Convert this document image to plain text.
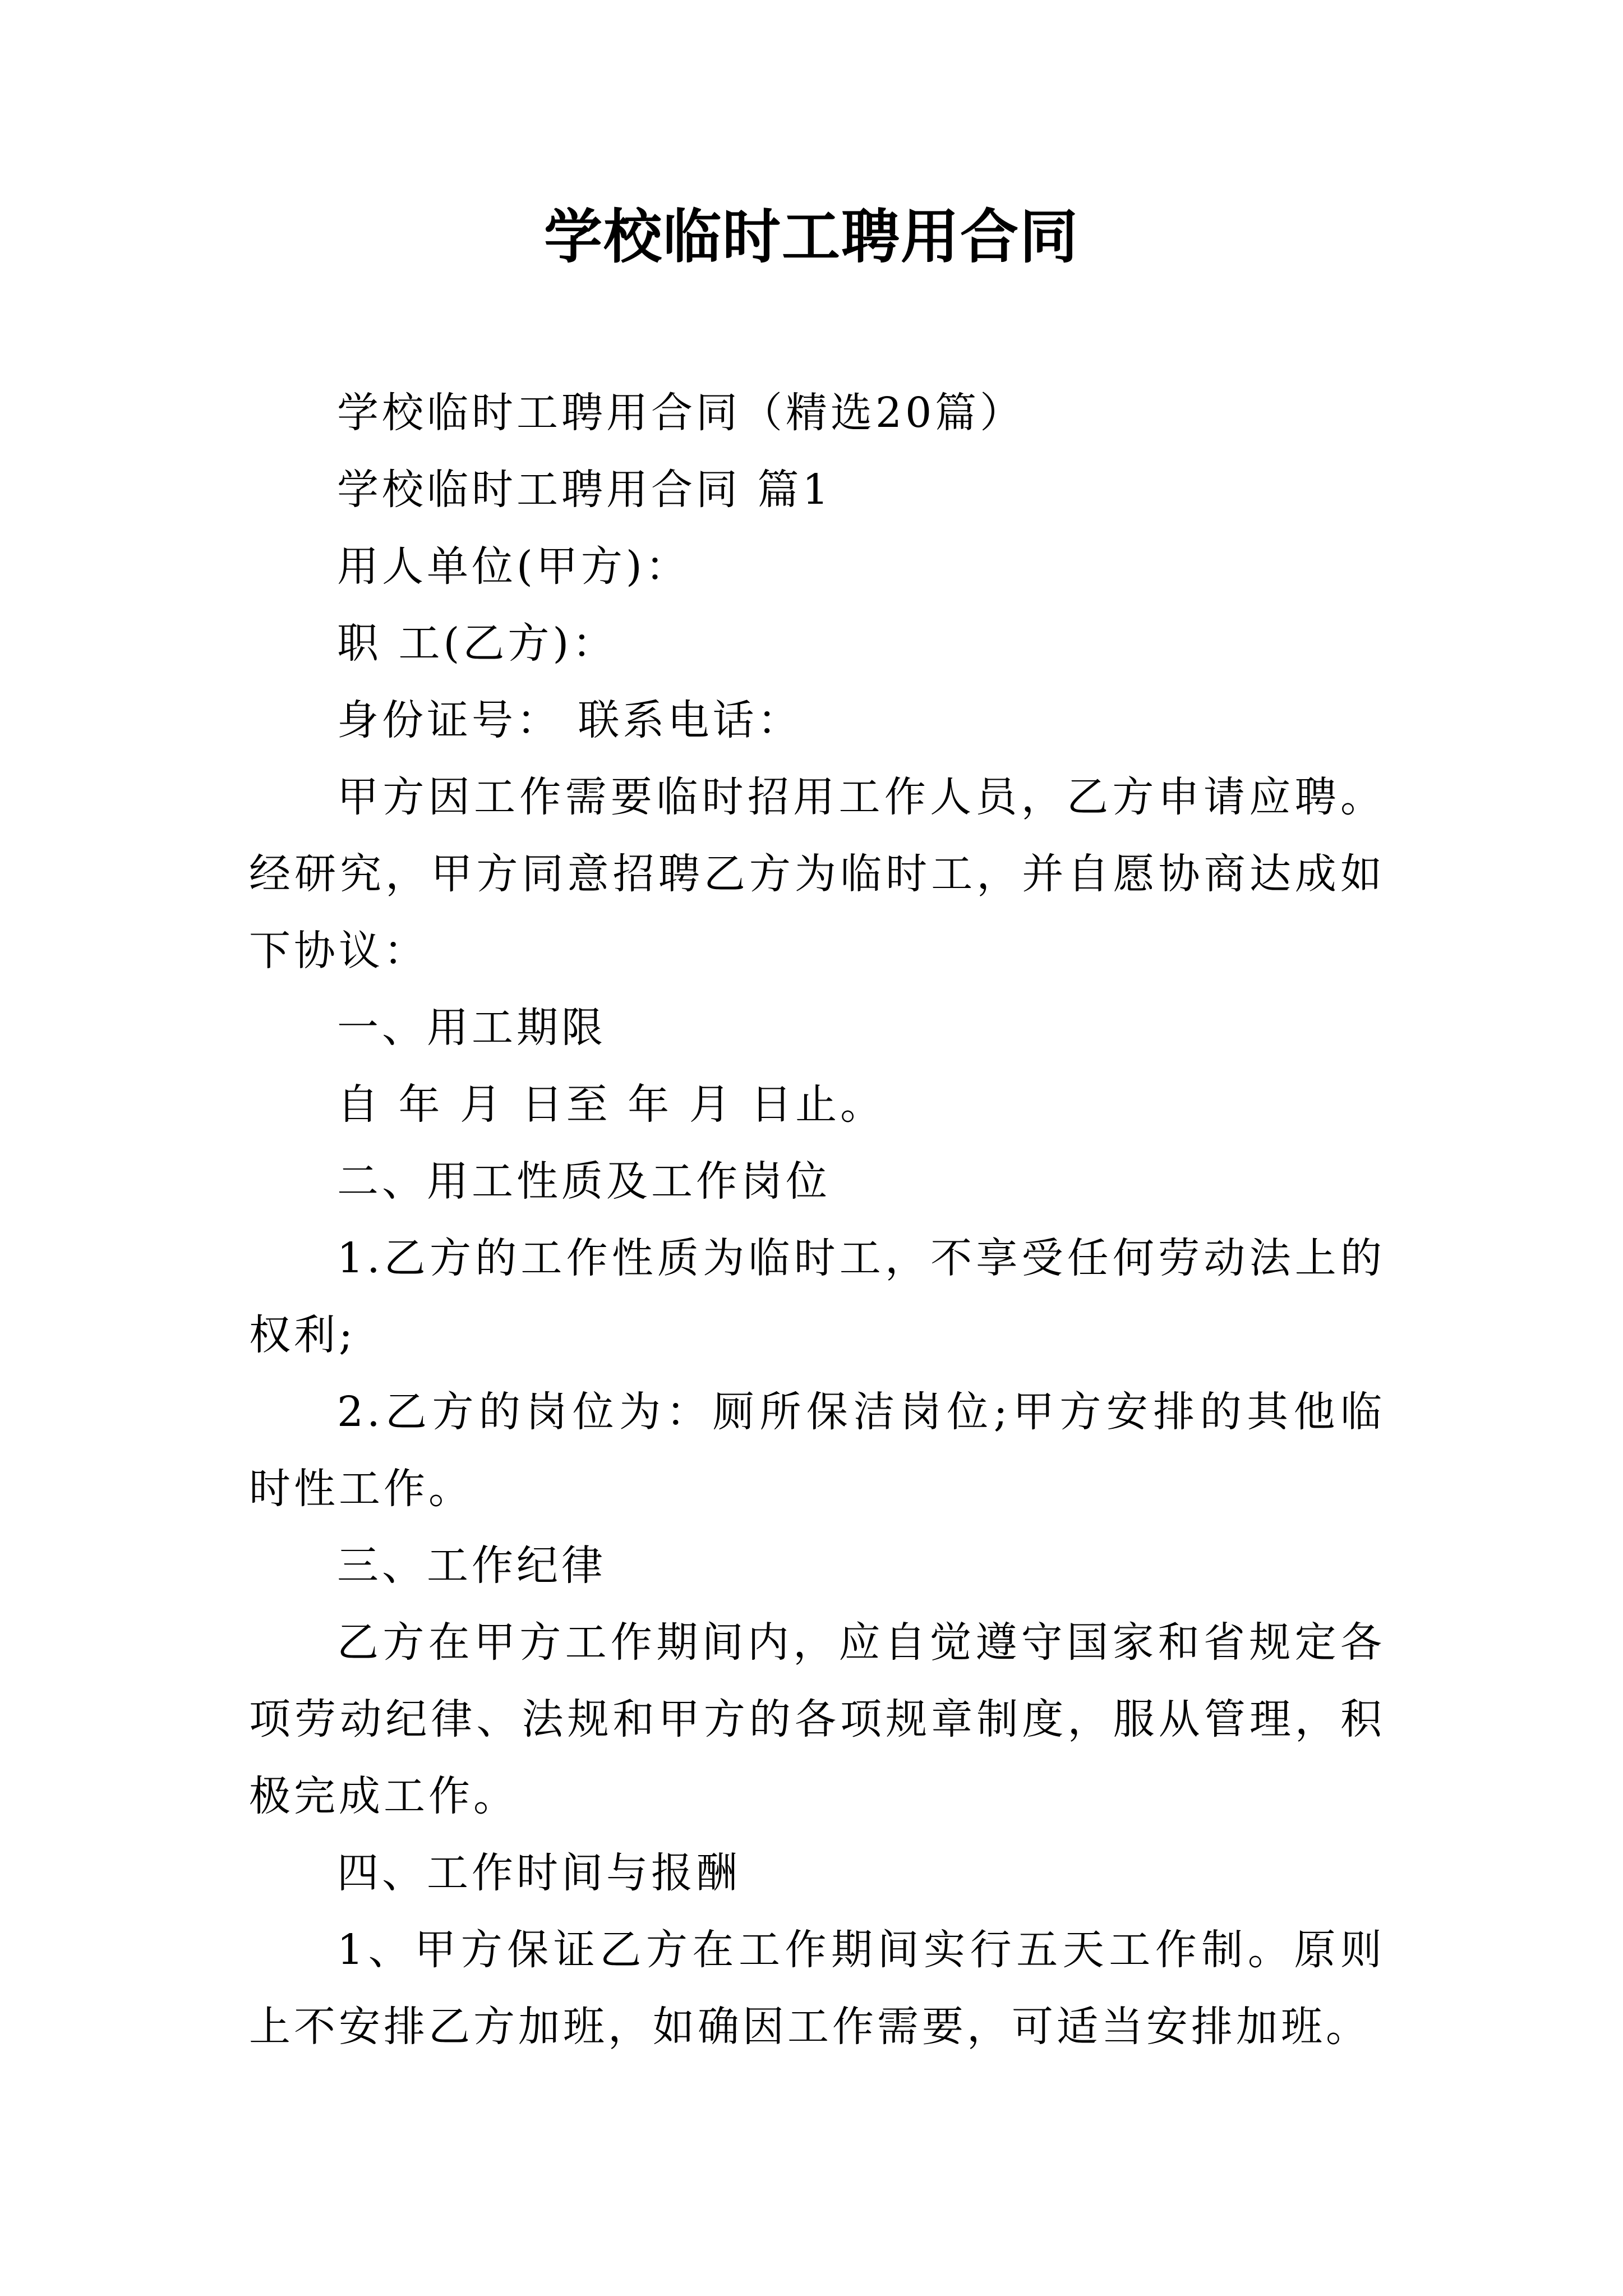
学校临时工聘用合同

学校临时工聘用合同（精选20篇）

学校临时工聘用合同 篇1

用人单位(甲方)：

职 工(乙方)：

身份证号： 联系电话：

甲方因工作需要临时招用工作人员，乙方申请应聘。经研究，甲方同意招聘乙方为临时工，并自愿协商达成如下协议：

一、用工期限

自 年 月 日至 年 月 日止。

二、用工性质及工作岗位

1.乙方的工作性质为临时工，不享受任何劳动法上的权利;

2.乙方的岗位为：厕所保洁岗位;甲方安排的其他临时性工作。

三、工作纪律

乙方在甲方工作期间内，应自觉遵守国家和省规定各项劳动纪律、法规和甲方的各项规章制度，服从管理，积极完成工作。

四、工作时间与报酬

1、甲方保证乙方在工作期间实行五天工作制。原则上不安排乙方加班，如确因工作需要，可适当安排加班。
